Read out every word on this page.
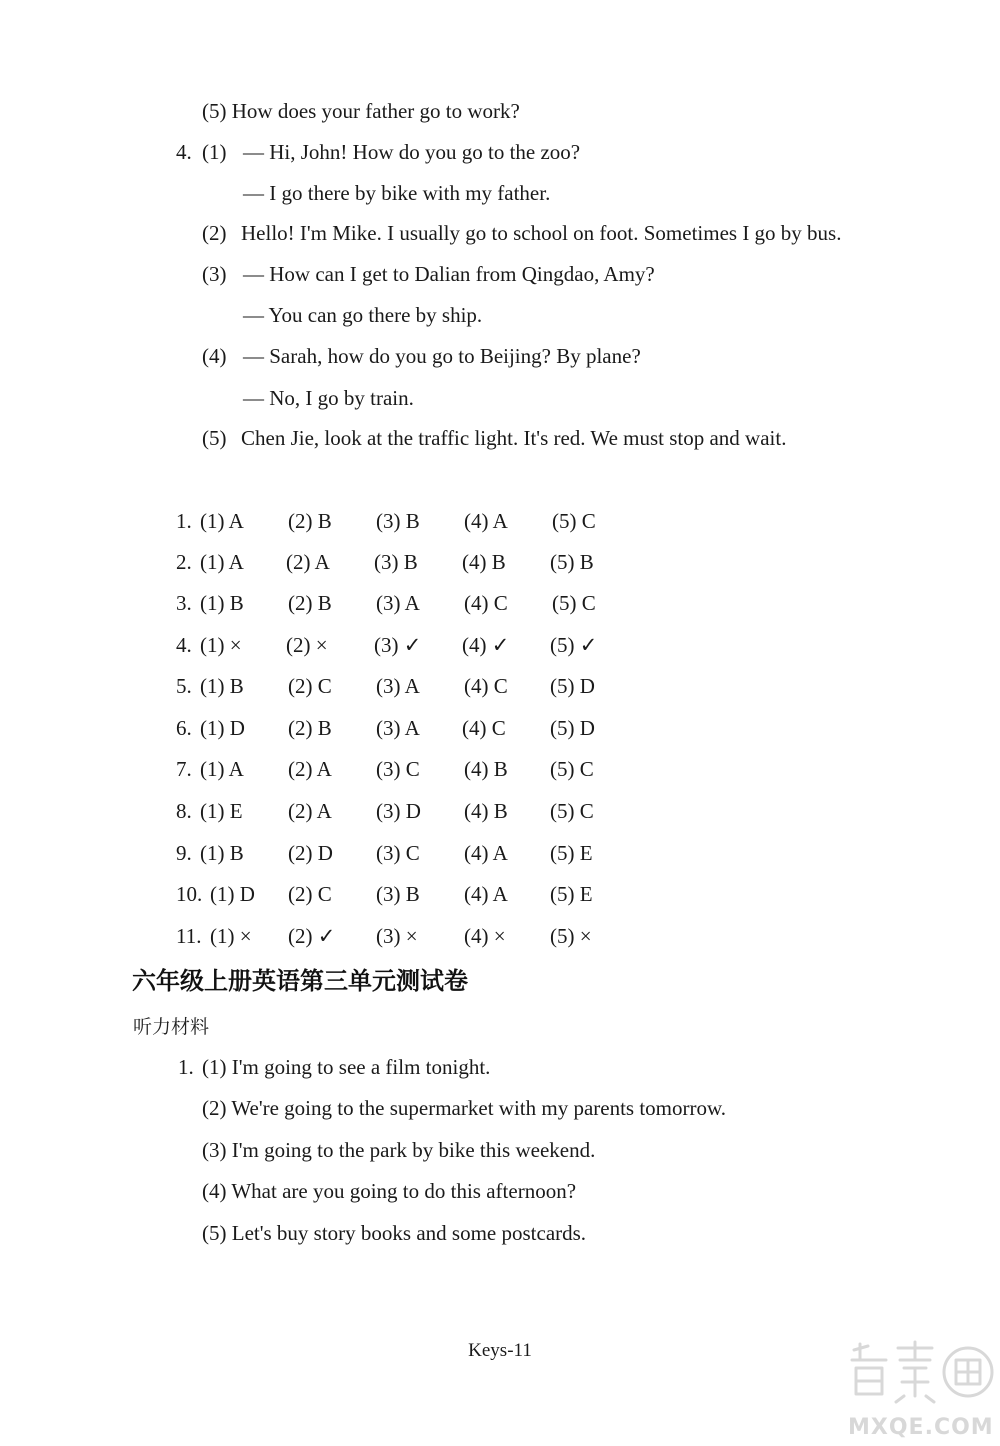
(5) How does your father go to work?
4. (1) — Hi, John! How do you go to the zoo?
— I go there by bike with my father.
(2) Hello! I'm Mike. I usually go to school on foot. Sometimes I go by bus.
(3) — How can I get to Dalian from Qingdao, Amy?
— You can go there by ship.
(4) — Sarah, how do you go to Beijing? By plane?
— No, I go by train.
(5) Chen Jie, look at the traffic light. It's red. We must stop and wait.
1. (1) A (2) B (3) B (4) A (5) C
2. (1) A (2) A (3) B (4) B (5) B
3. (1) B (2) B (3) A (4) C (5) C
4. (1) × (2) × (3) ✓ (4) ✓ (5) ✓
5. (1) B (2) C (3) A (4) C (5) D
6. (1) D (2) B (3) A (4) C (5) D
7. (1) A (2) A (3) C (4) B (5) C
8. (1) E (2) A (3) D (4) B (5) C
9. (1) B (2) D (3) C (4) A (5) E
10. (1) D (2) C (3) B (4) A (5) E
11. (1) × (2) ✓ (3) × (4) × (5) ×
六年级上册英语第三单元测试卷
听力材料
1. (1) I'm going to see a film tonight.
(2) We're going to the supermarket with my parents tomorrow.
(3) I'm going to the park by bike this weekend.
(4) What are you going to do this afternoon?
(5) Let's buy story books and some postcards.
Keys-11
MXQE.COM
